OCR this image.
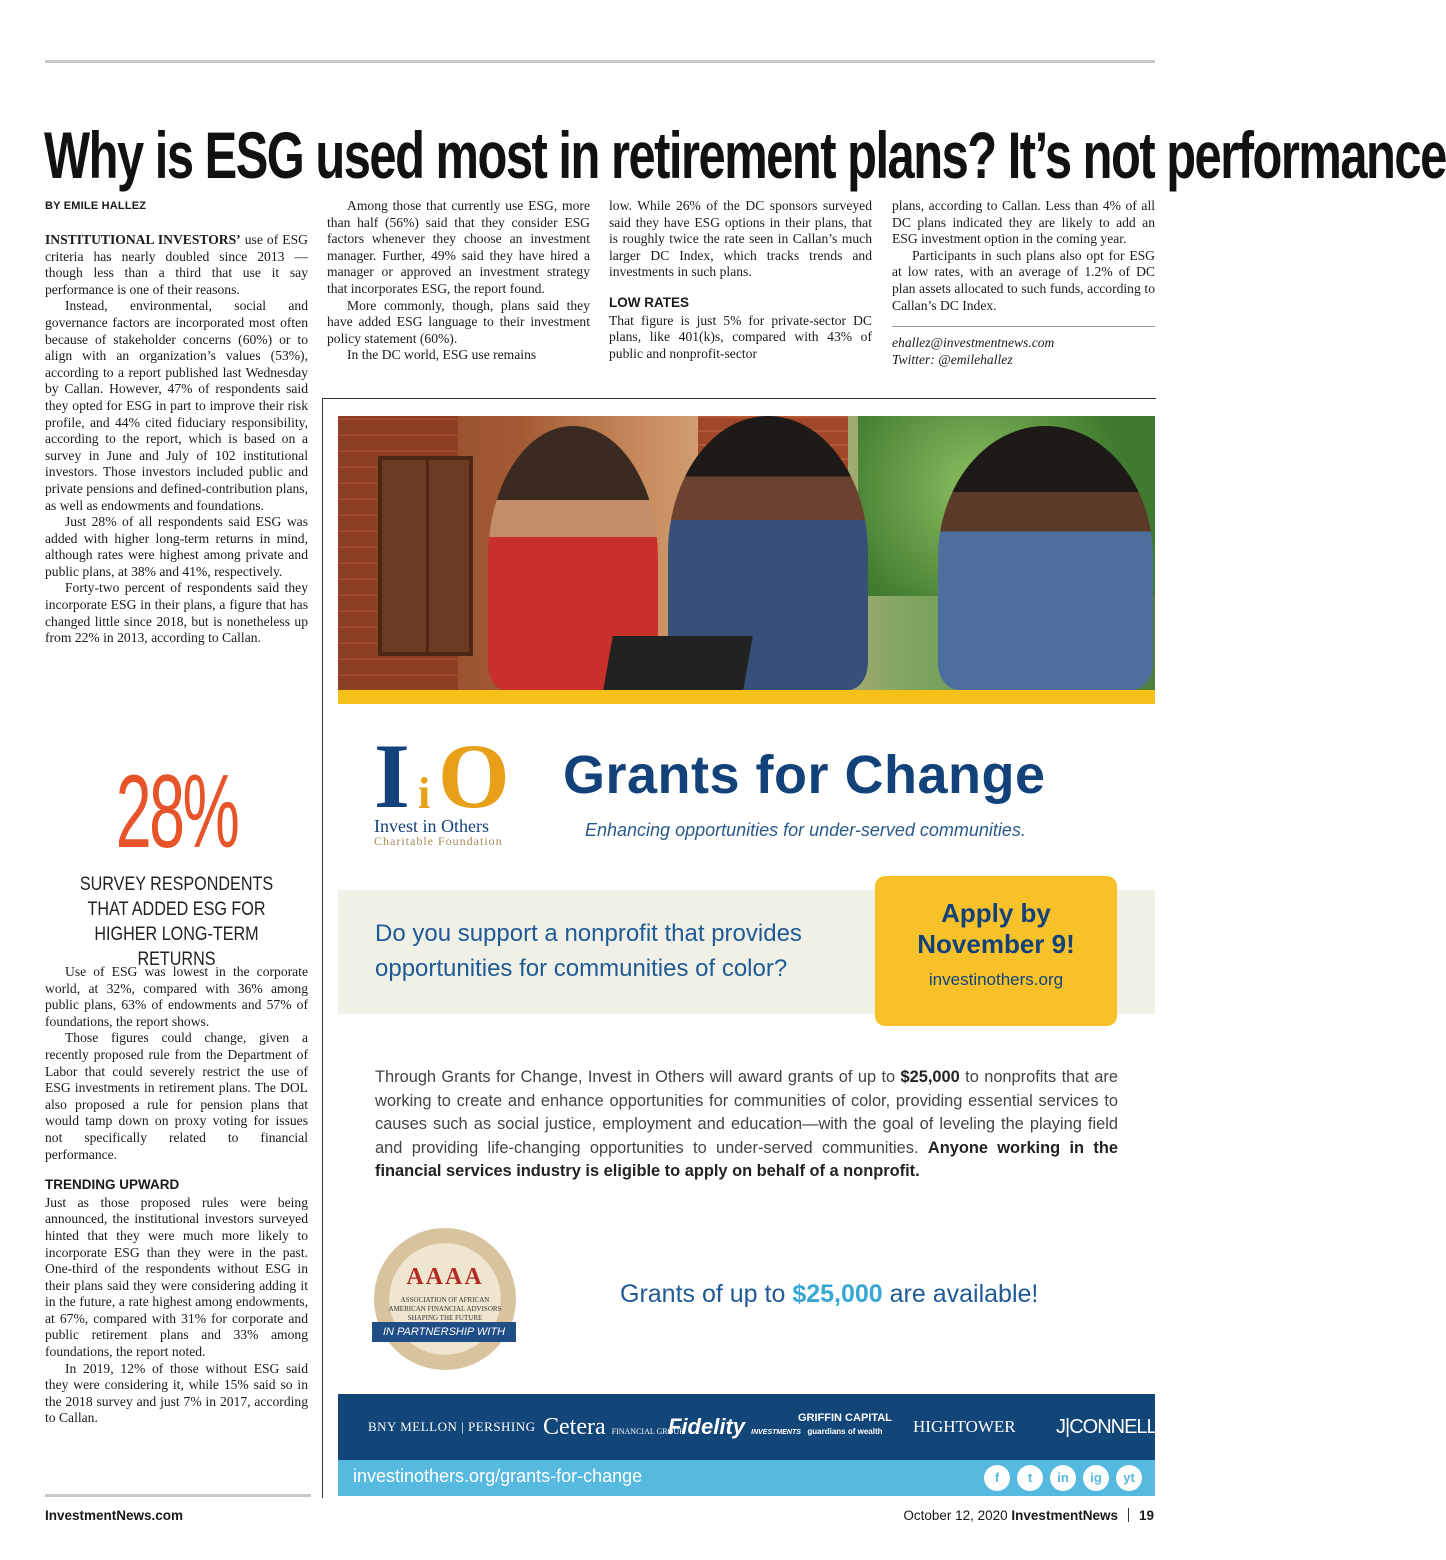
Why is ESG used most in retirement plans? It’s not performance
BY EMILE HALLEZ

INSTITUTIONAL INVESTORS’ use of ESG criteria has nearly doubled since 2013 — though less than a third that use it say performance is one of their reasons.

Instead, environmental, social and governance factors are incorporated most often because of stakeholder concerns (60%) or to align with an organization’s values (53%), according to a report published last Wednesday by Callan. However, 47% of respondents said they opted for ESG in part to improve their risk profile, and 44% cited fiduciary responsibility, according to the report, which is based on a survey in June and July of 102 institutional investors. Those investors included public and private pensions and defined-contribution plans, as well as endowments and foundations.

Just 28% of all respondents said ESG was added with higher long-term returns in mind, although rates were highest among private and public plans, at 38% and 41%, respectively.

Forty-two percent of respondents said they incorporate ESG in their plans, a figure that has changed little since 2018, but is nonetheless up from 22% in 2013, according to Callan.

28%
SURVEY RESPONDENTS THAT ADDED ESG FOR HIGHER LONG-TERM RETURNS

Use of ESG was lowest in the corporate world, at 32%, compared with 36% among public plans, 63% of endowments and 57% of foundations, the report shows.

Those figures could change, given a recently proposed rule from the Department of Labor that could severely restrict the use of ESG investments in retirement plans. The DOL also proposed a rule for pension plans that would tamp down on proxy voting for issues not specifically related to financial performance.

TRENDING UPWARD

Just as those proposed rules were being announced, the institutional investors surveyed hinted that they were much more likely to incorporate ESG than they were in the past. One-third of the respondents without ESG in their plans said they were considering adding it in the future, a rate highest among endowments, at 67%, compared with 31% for corporate and public retirement plans and 33% among foundations, the report noted.

In 2019, 12% of those without ESG said they were considering it, while 15% said so in the 2018 survey and just 7% in 2017, according to Callan.

Among those that currently use ESG, more than half (56%) said that they consider ESG factors whenever they choose an investment manager. Further, 49% said they have hired a manager or approved an investment strategy that incorporates ESG, the report found.

More commonly, though, plans said they have added ESG language to their investment policy statement (60%).

In the DC world, ESG use remains

low. While 26% of the DC sponsors surveyed said they have ESG options in their plans, that is roughly twice the rate seen in Callan’s much larger DC Index, which tracks trends and investments in such plans.

LOW RATES

That figure is just 5% for private-sector DC plans, like 401(k)s, compared with 43% of public and nonprofit-sector

plans, according to Callan. Less than 4% of all DC plans indicated they are likely to add an ESG investment option in the coming year.

Participants in such plans also opt for ESG at low rates, with an average of 1.2% of DC plan assets allocated to such funds, according to Callan’s DC Index.

ehallez@investmentnews.com
Twitter: @emilehallez
I i O
Invest in Others
Charitable Foundation
Grants for Change
Enhancing opportunities for under-served communities.
Do you support a nonprofit that provides opportunities for communities of color?
Apply by
November 9!
investinothers.org
Through Grants for Change, Invest in Others will award grants of up to $25,000 to nonprofits that are working to create and enhance opportunities for communities of color, providing essential services to causes such as social justice, employment and education—with the goal of leveling the playing field and providing life-changing opportunities to under-served communities. Anyone working in the financial services industry is eligible to apply on behalf of a nonprofit.
AAAA
ASSOCIATION OF AFRICAN AMERICAN FINANCIAL ADVISORS
SHAPING THE FUTURE
IN PARTNERSHIP WITH
Grants of up to $25,000 are available!
BNY MELLON | PERSHING Cetera FINANCIAL GROUP
Fidelity INVESTMENTS
GRIFFIN CAPITAL
guardians of wealth	HIGHTOWER J|CONNELLY
investinothers.org/grants-for-change	f	t	in	ig	yt
InvestmentNews.com	October 12, 2020 InvestmentNews 19
